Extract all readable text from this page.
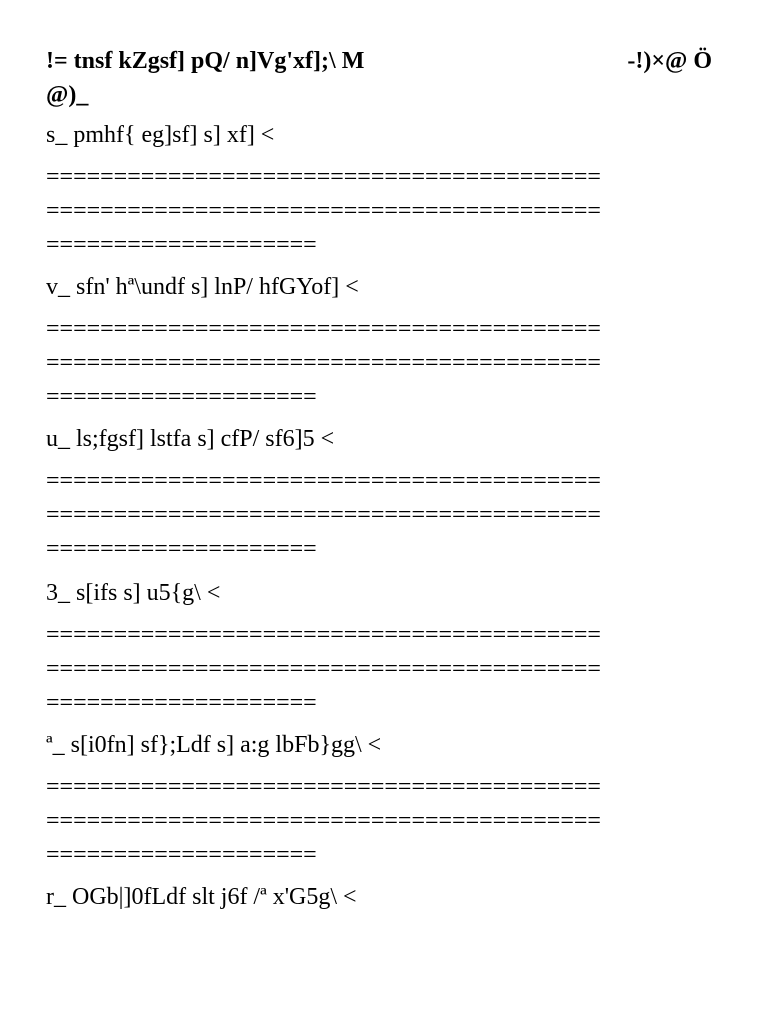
!= tnsf kZgsf] pQ/ n]Vg'xf];\ M	-!)×@ Ö
@)_
s_ pmhf{ eg]sf] s] xf] <
=========================================
=========================================
====================
v_ sfn' hª\undf s] lnP/ hfGYof] <
=========================================
=========================================
====================
u_ ls;fgsf] lstfa s] cfP/ sf6]5 <
=========================================
=========================================
====================
3_ s[ifs s] u5{g\ <
=========================================
=========================================
====================
ª_ s[i0fn] sf};Ldf s] a:g lbFb}gg\ <
=========================================
=========================================
====================
r_ OGb|]0fLdf slt j6f /ª x'G5g\ <
